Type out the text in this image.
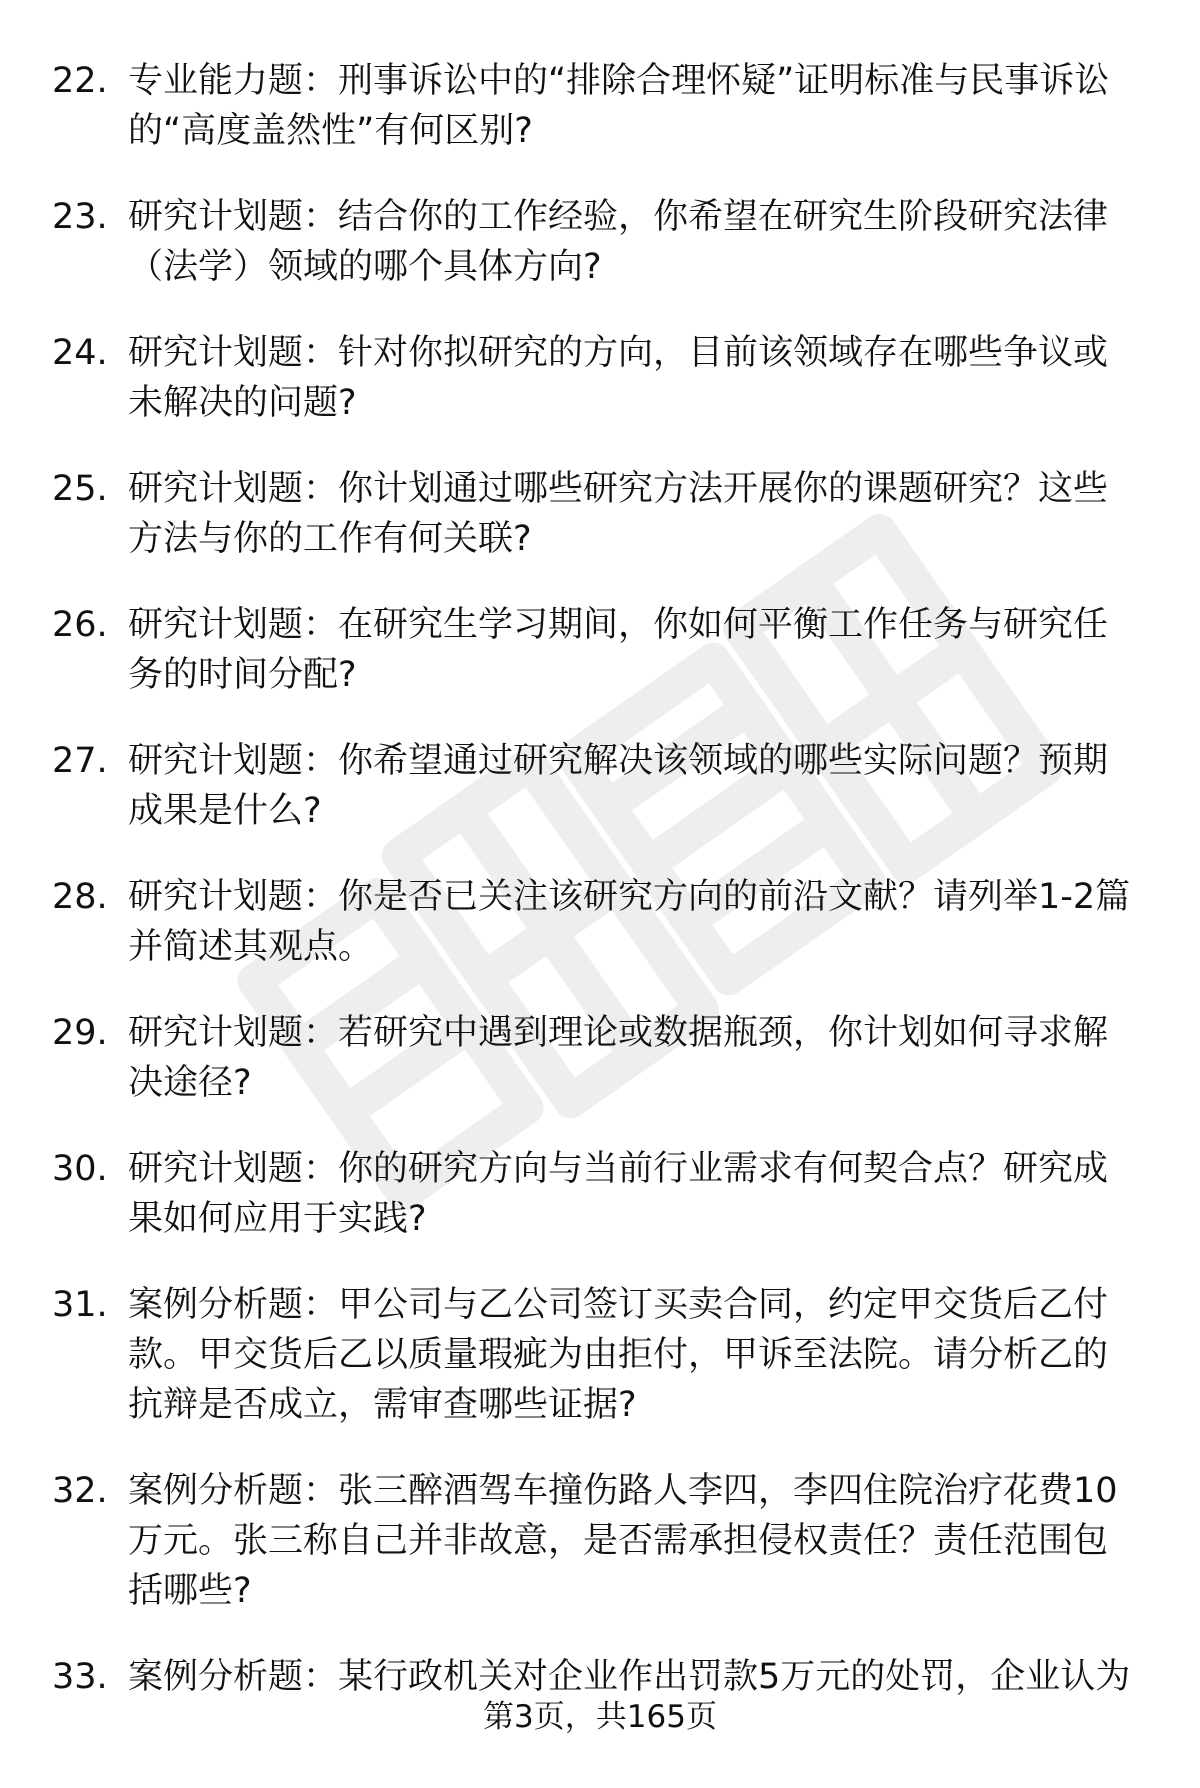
22. 专业能力题：刑事诉讼中的“排除合理怀疑”证明标准与民事诉讼的“高度盖然性”有何区别?
23. 研究计划题：结合你的工作经验，你希望在研究生阶段研究法律（法学）领域的哪个具体方向?
24. 研究计划题：针对你拟研究的方向，目前该领域存在哪些争议或未解决的问题?
25. 研究计划题：你计划通过哪些研究方法开展你的课题研究？这些方法与你的工作有何关联?
26. 研究计划题：在研究生学习期间，你如何平衡工作任务与研究任务的时间分配?
27. 研究计划题：你希望通过研究解决该领域的哪些实际问题？预期成果是什么?
28. 研究计划题：你是否已关注该研究方向的前沿文献？请列举1-2篇并简述其观点。
29. 研究计划题：若研究中遇到理论或数据瓶颈，你计划如何寻求解决途径?
30. 研究计划题：你的研究方向与当前行业需求有何契合点？研究成果如何应用于实践?
31. 案例分析题：甲公司与乙公司签订买卖合同，约定甲交货后乙付款。甲交货后乙以质量瑕疵为由拒付，甲诉至法院。请分析乙的抗辩是否成立，需审查哪些证据?
32. 案例分析题：张三醉酒驾车撞伤路人李四，李四住院治疗花费10万元。张三称自己并非故意，是否需承担侵权责任？责任范围包括哪些?
33. 案例分析题：某行政机关对企业作出罚款5万元的处罚，企业认为
第3页，共165页
